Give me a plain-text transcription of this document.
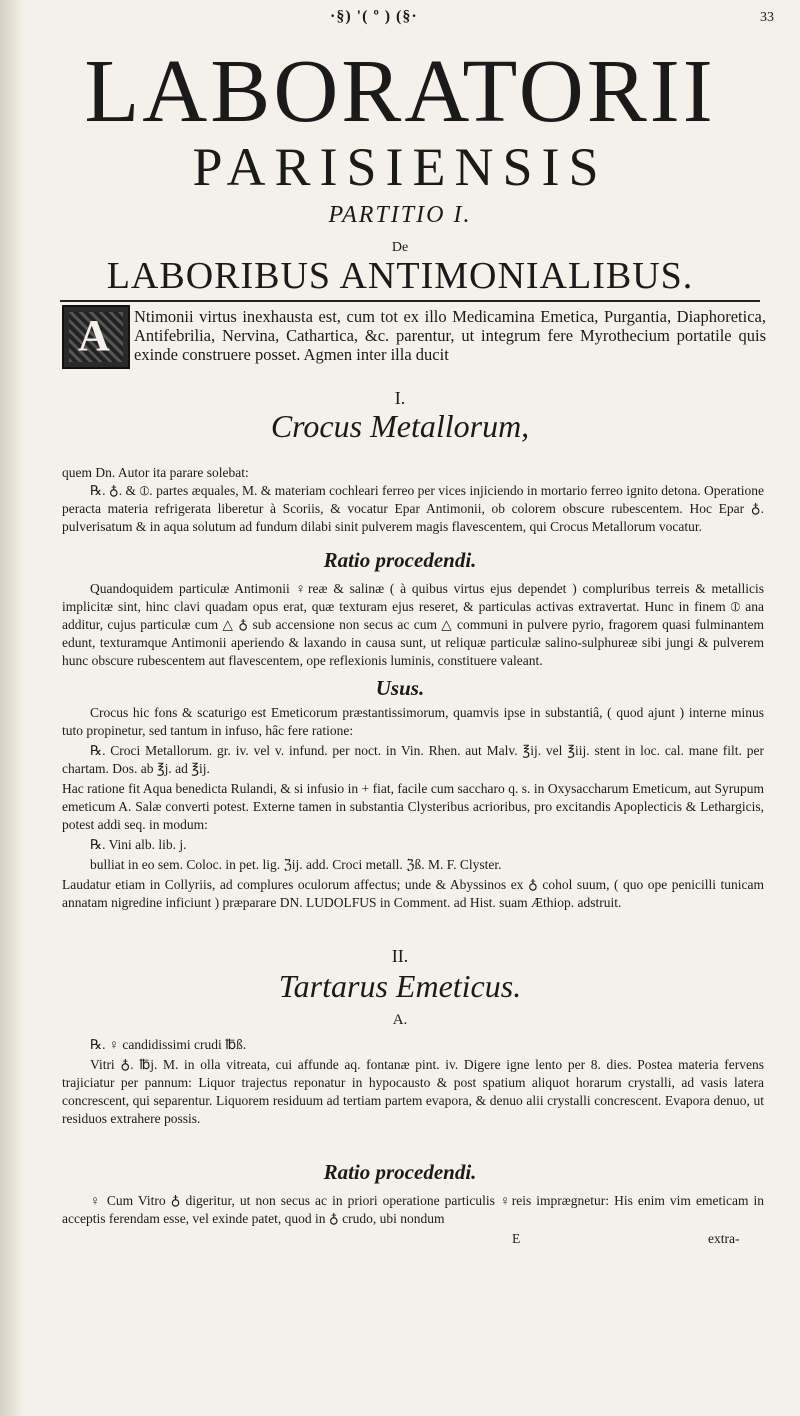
·§) '( º ) (§·	33
LABORATORII
PARISIENSIS
PARTITIO I.
De
LABORIBUS ANTIMONIALIBUS.
A Ntimonii virtus inexhausta est, cum tot ex illo Medicamina Emetica, Purgantia, Diaphoretica, Antifebrilia, Nervina, Cathartica, &c. parentur, ut integrum fere Myrothecium portatile quis exinde construere posset. Agmen inter illa ducit

I.
Crocus Metallorum,

quem Dn. Autor ita parare solebat:

℞. ♁. & ⦶. partes æquales, M. & materiam cochleari ferreo per vices injiciendo in mortario ferreo ignito detona. Operatione peracta materia refrigerata liberetur à Scoriis, & vocatur Epar Antimonii, ob colorem obscure rubescentem. Hoc Epar ♁. pulverisatum & in aqua solutum ad fundum dilabi sinit pulverem magis flavescentem, qui Crocus Metallorum vocatur.

Ratio procedendi.

Quandoquidem particulæ Antimonii ♀reæ & salinæ ( à quibus virtus ejus dependet ) compluribus terreis & metallicis implicitæ sint, hinc clavi quadam opus erat, quæ texturam ejus reseret, & particulas activas extravertat. Hunc in finem ⦶ ana additur, cujus particulæ cum △ ♁ sub accensione non secus ac cum △ communi in pulvere pyrio, fragorem quasi fulminantem edunt, texturamque Antimonii aperiendo & laxando in causa sunt, ut reliquæ particulæ salino-sulphureæ sibi jungi & pulverem hunc obscure rubescentem aut flavescentem, ope reflexionis luminis, constituere valeant.

Usus.

Crocus hic fons & scaturigo est Emeticorum præstantissimorum, quamvis ipse in substantiâ, ( quod ajunt ) interne minus tuto propinetur, sed tantum in infuso, hâc fere ratione:

℞. Croci Metallorum. gr. iv. vel v. infund. per noct. in Vin. Rhen. aut Malv. ℥ij. vel ℥iij. stent in loc. cal. mane filt. per chartam. Dos. ab ℥j. ad ℥ij.

Hac ratione fit Aqua benedicta Rulandi, & si infusio in + fiat, facile cum saccharo q. s. in Oxysaccharum Emeticum, aut Syrupum emeticum A. Salæ converti potest. Externe tamen in substantia Clysteribus acrioribus, pro excitandis Apoplecticis & Lethargicis, potest addi seq. in modum:

℞. Vini alb. lib. j.

bulliat in eo sem. Coloc. in pet. lig. ℨij. add. Croci metall. ℨß. M. F. Clyster.

Laudatur etiam in Collyriis, ad complures oculorum affectus; unde & Abyssinos ex ♁ cohol suum, ( quo ope penicilli tunicam annatam nigredine inficiunt ) præparare DN. LUDOLFUS in Comment. ad Hist. suam Æthiop. adstruit.

II.
Tartarus Emeticus.
A.

℞. ♀ candidissimi crudi ℔ß.

Vitri ♁. ℔j. M. in olla vitreata, cui affunde aq. fontanæ pint. iv. Digere igne lento per 8. dies. Postea materia fervens trajiciatur per pannum: Liquor trajectus reponatur in hypocausto & post spatium aliquot horarum crystalli, ad vasis latera concrescent, qui separentur. Liquorem residuum ad tertiam partem evapora, & denuo alii crystalli concrescent. Evapora denuo, ut residuos extrahere possis.

Ratio procedendi.

♀ Cum Vitro ♁ digeritur, ut non secus ac in priori operatione particulis ♀reis imprægnetur: His enim vim emeticam in acceptis ferendam esse, vel exinde patet, quod in ♁ crudo, ubi nondum

E	extra-
